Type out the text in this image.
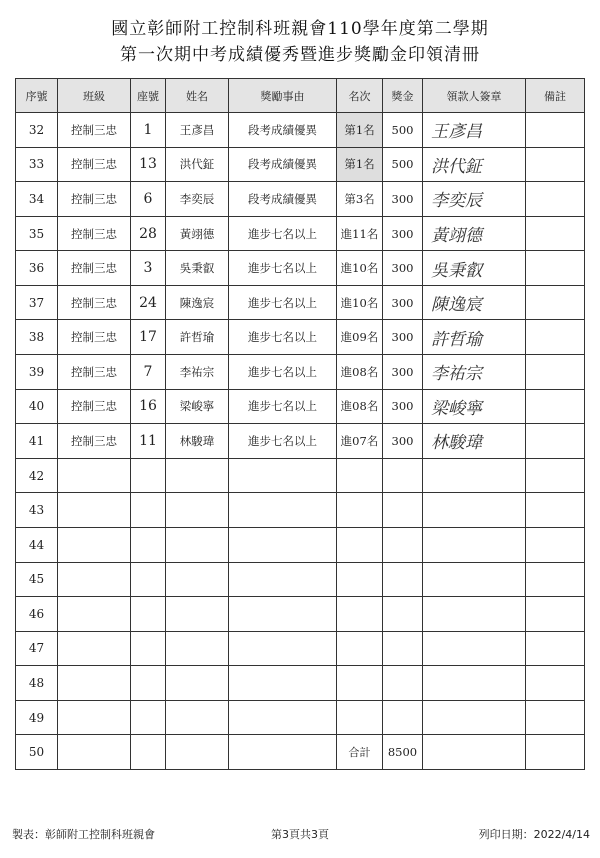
國立彰師附工控制科班親會110學年度第二學期
第一次期中考成績優秀暨進步獎勵金印領清冊
序號	班級	座號	姓名	獎勵事由	名次	獎金	領款人簽章	備註
32	控制三忠	1	王彥昌	段考成績優異	第1名	500	王彥昌	
33	控制三忠	13	洪代鉦	段考成績優異	第1名	500	洪代鉦	
34	控制三忠	6	李奕辰	段考成績優異	第3名	300	李奕辰	
35	控制三忠	28	黃翊德	進步七名以上	進11名	300	黃翊德	
36	控制三忠	3	吳秉叡	進步七名以上	進10名	300	吳秉叡	
37	控制三忠	24	陳逸宸	進步七名以上	進10名	300	陳逸宸	
38	控制三忠	17	許哲瑜	進步七名以上	進09名	300	許哲瑜	
39	控制三忠	7	李祐宗	進步七名以上	進08名	300	李祐宗	
40	控制三忠	16	梁峻寧	進步七名以上	進08名	300	梁峻寧	
41	控制三忠	11	林駿瑋	進步七名以上	進07名	300	林駿瑋	
42								
43								
44								
45								
46								
47								
48								
49								
50					合計	8500		
製表：彰師附工控制科班親會	第3頁共3頁	列印日期：2022/4/14
